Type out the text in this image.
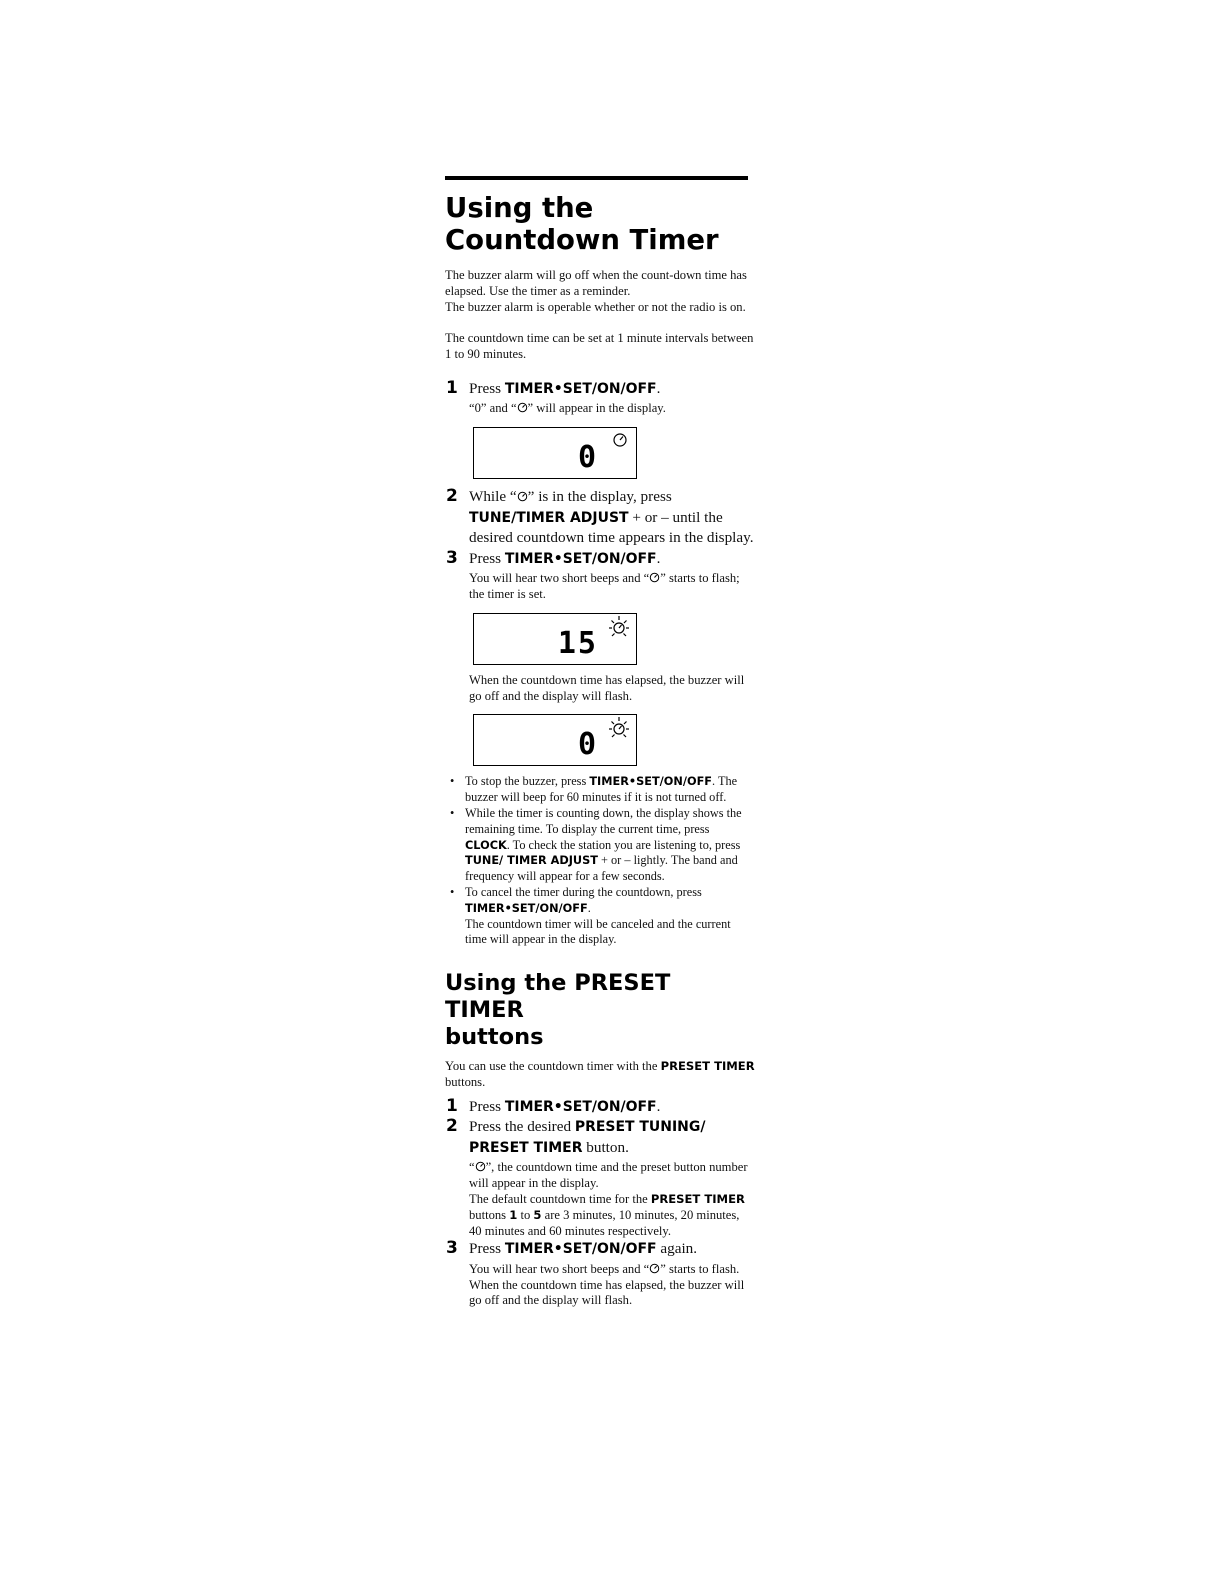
Using the
Countdown Timer

The buzzer alarm will go off when the count-down time has elapsed. Use the timer as a reminder.

The buzzer alarm is operable whether or not the radio is on.

The countdown time can be set at 1 minute intervals between 1 to 90 minutes.

1 Press TIMER•SET/ON/OFF.

“0” and “ ” will appear in the display.

0
2 While “ ” is in the display, press
TUNE/TIMER ADJUST + or – until the desired countdown time appears in the display.

3 Press TIMER•SET/ON/OFF.

You will hear two short beeps and “ ” starts to flash; the timer is set.

15

When the countdown time has elapsed, the buzzer will go off and the display will flash.

0
• To stop the buzzer, press TIMER•SET/ON/OFF. The buzzer will beep for 60 minutes if it is not turned off.
• While the timer is counting down, the display shows the remaining time. To display the current time, press CLOCK. To check the station you are listening to, press TUNE/ TIMER ADJUST + or – lightly. The band and frequency will appear for a few seconds.
• To cancel the timer during the countdown, press TIMER•SET/ON/OFF.
The countdown timer will be canceled and the current time will appear in the display.
Using the PRESET TIMER
buttons

You can use the countdown timer with the PRESET TIMER buttons.

1 Press TIMER•SET/ON/OFF.

2 Press the desired PRESET TUNING/ PRESET TIMER button.

“ ”, the countdown time and the preset button number will appear in the display.
The default countdown time for the PRESET TIMER buttons 1 to 5 are 3 minutes, 10 minutes, 20 minutes, 40 minutes and 60 minutes respectively.

3 Press TIMER•SET/ON/OFF again.

You will hear two short beeps and “ ” starts to flash.
When the countdown time has elapsed, the buzzer will go off and the display will flash.
